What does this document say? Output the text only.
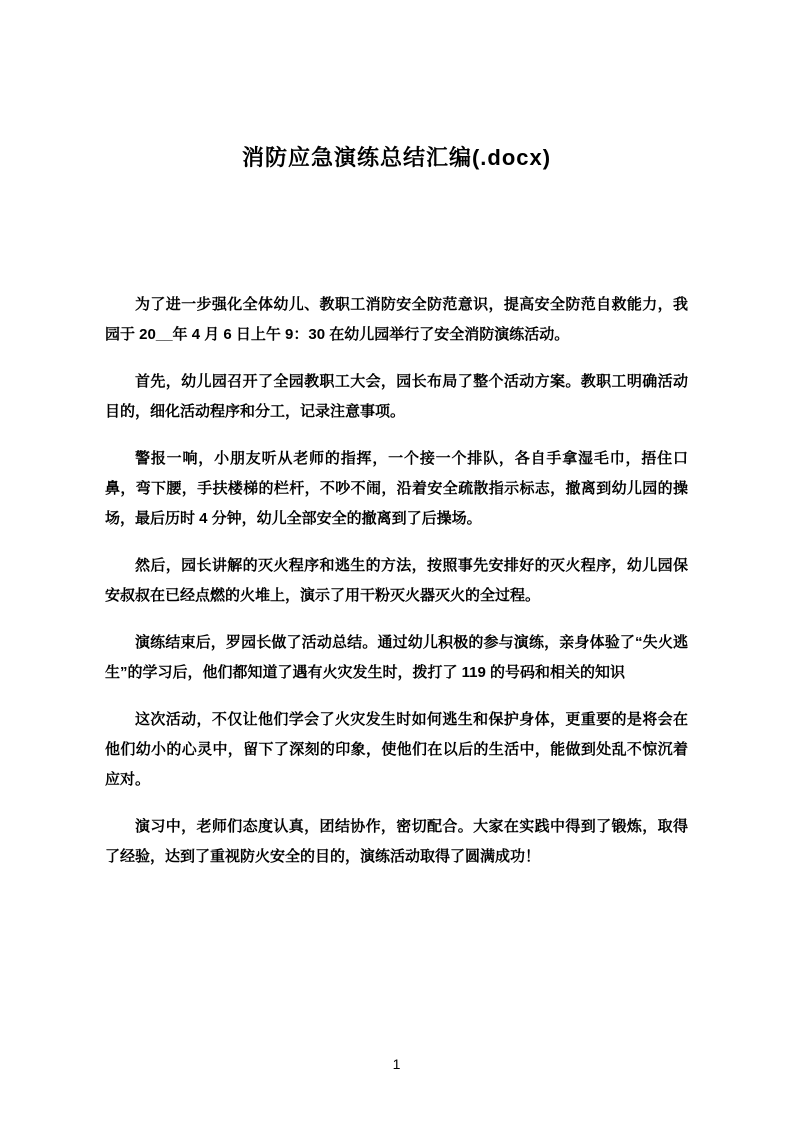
消防应急演练总结汇编(.docx)

为了进一步强化全体幼儿、教职工消防安全防范意识，提高安全防范自救能力，我园于 20__年 4 月 6 日上午 9：30 在幼儿园举行了安全消防演练活动。

首先，幼儿园召开了全园教职工大会，园长布局了整个活动方案。教职工明确活动目的，细化活动程序和分工，记录注意事项。

警报一响，小朋友听从老师的指挥，一个接一个排队，各自手拿湿毛巾，捂住口鼻，弯下腰，手扶楼梯的栏杆，不吵不闹，沿着安全疏散指示标志，撤离到幼儿园的操场，最后历时 4 分钟，幼儿全部安全的撤离到了后操场。

然后，园长讲解的灭火程序和逃生的方法，按照事先安排好的灭火程序，幼儿园保安叔叔在已经点燃的火堆上，演示了用干粉灭火器灭火的全过程。

演练结束后，罗园长做了活动总结。通过幼儿积极的参与演练，亲身体验了“失火逃生”的学习后，他们都知道了遇有火灾发生时，拨打了 119 的号码和相关的知识

这次活动，不仅让他们学会了火灾发生时如何逃生和保护身体，更重要的是将会在他们幼小的心灵中，留下了深刻的印象，使他们在以后的生活中，能做到处乱不惊沉着应对。

演习中，老师们态度认真，团结协作，密切配合。大家在实践中得到了锻炼，取得了经验，达到了重视防火安全的目的，演练活动取得了圆满成功！

1
